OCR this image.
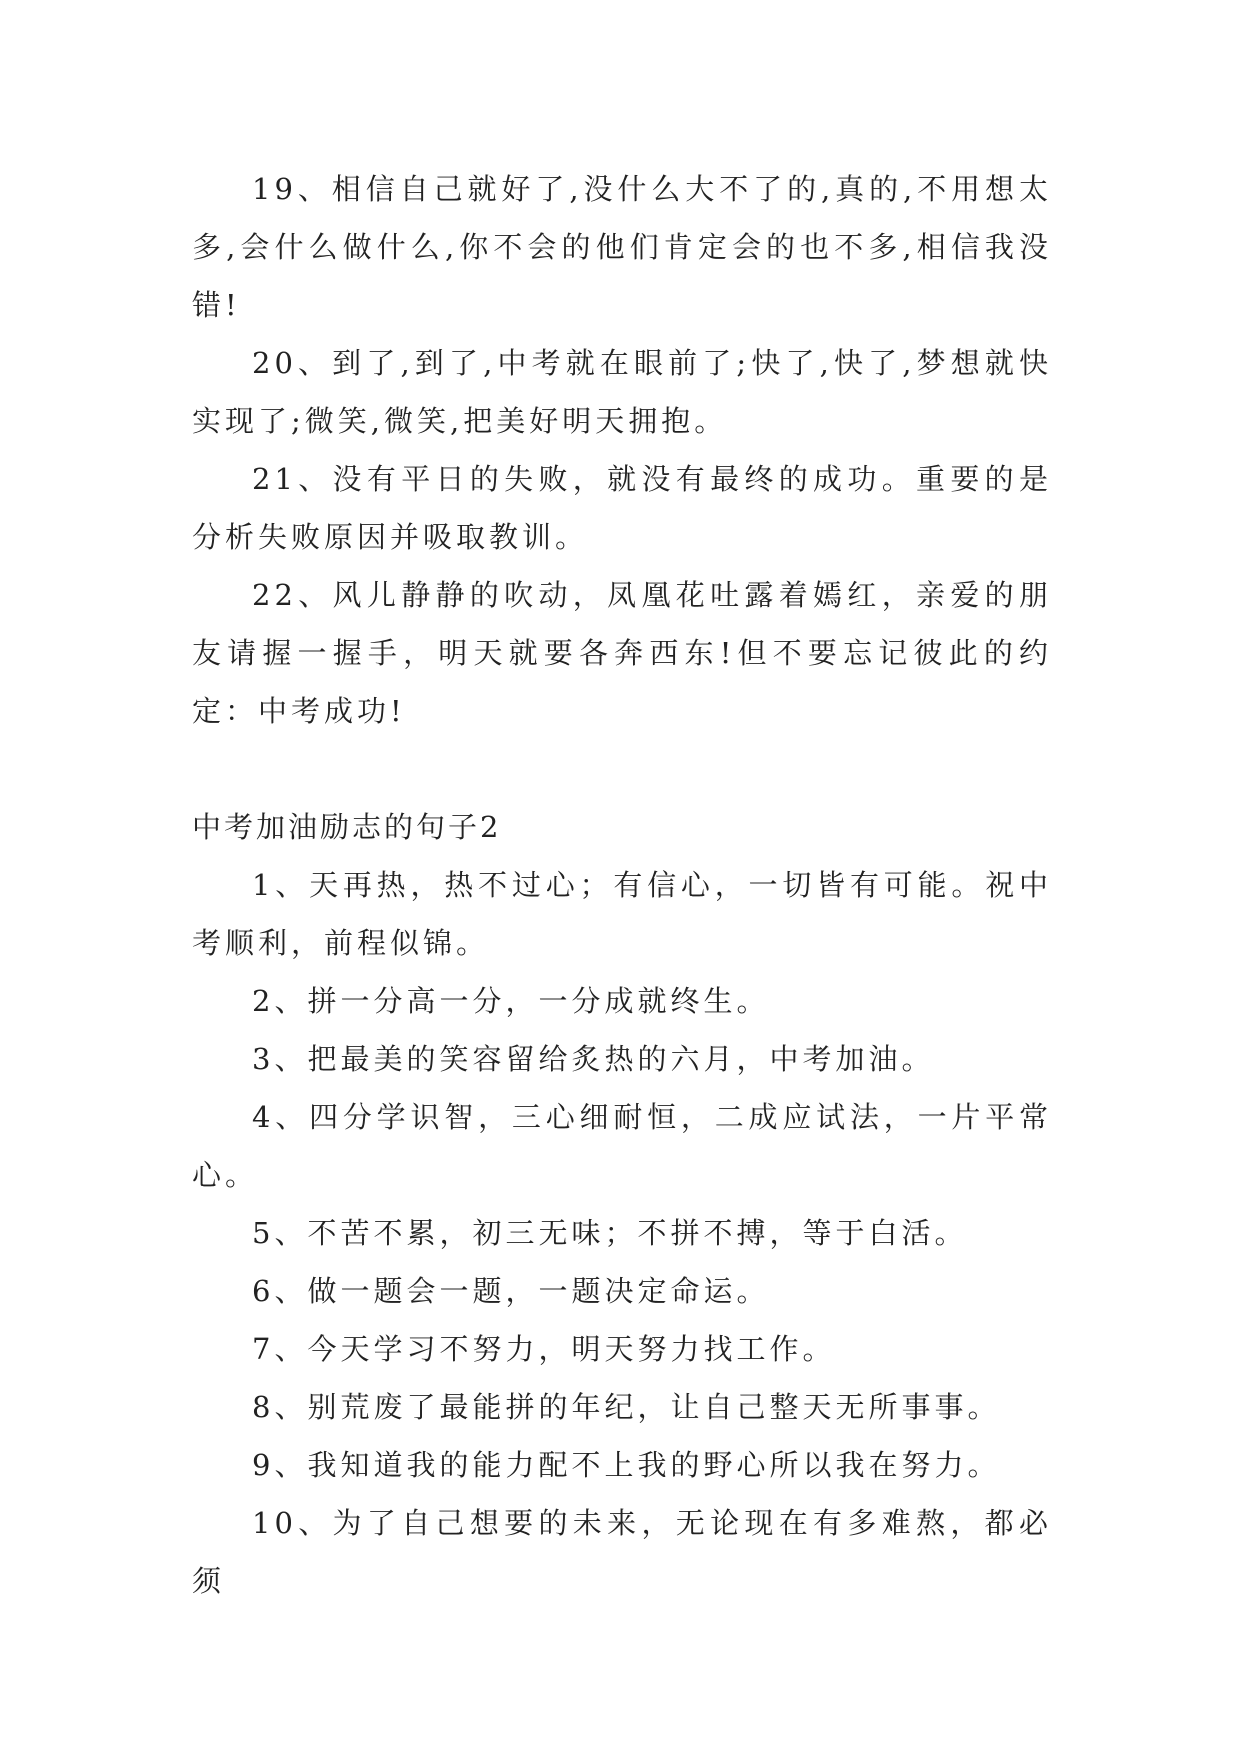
19、相信自己就好了,没什么大不了的,真的,不用想太多,会什么做什么,你不会的他们肯定会的也不多,相信我没错!

20、到了,到了,中考就在眼前了;快了,快了,梦想就快实现了;微笑,微笑,把美好明天拥抱。

21、没有平日的失败，就没有最终的成功。重要的是分析失败原因并吸取教训。

22、风儿静静的吹动，凤凰花吐露着嫣红，亲爱的朋友请握一握手，明天就要各奔西东!但不要忘记彼此的约定：中考成功!

中考加油励志的句子2

1、天再热，热不过心；有信心，一切皆有可能。祝中考顺利，前程似锦。

2、拼一分高一分，一分成就终生。

3、把最美的笑容留给炙热的六月，中考加油。

4、四分学识智，三心细耐恒，二成应试法，一片平常心。

5、不苦不累，初三无味；不拼不搏，等于白活。

6、做一题会一题，一题决定命运。

7、今天学习不努力，明天努力找工作。

8、别荒废了最能拼的年纪，让自己整天无所事事。

9、我知道我的能力配不上我的野心所以我在努力。

10、为了自己想要的未来，无论现在有多难熬，都必须
